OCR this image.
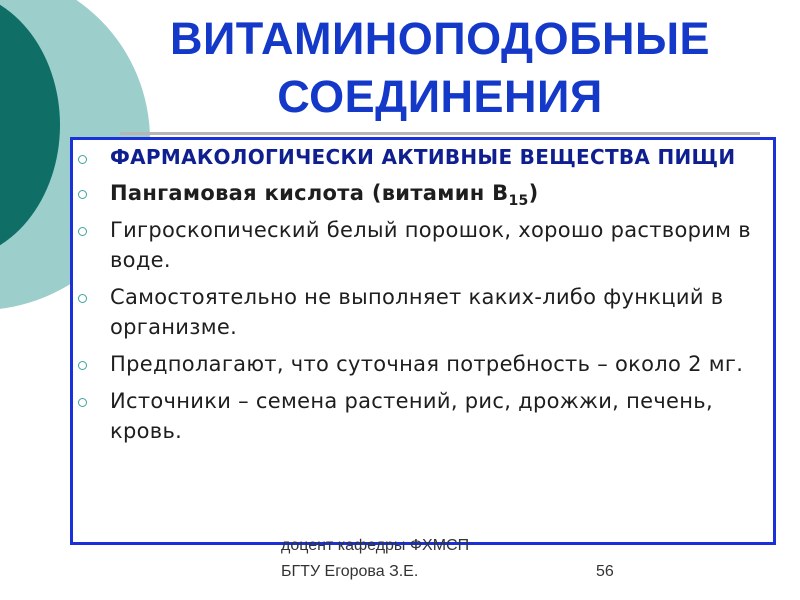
ВИТАМИНОПОДОБНЫЕ
СОЕДИНЕНИЯ
ФАРМАКОЛОГИЧЕСКИ АКТИВНЫЕ ВЕЩЕСТВА ПИЩИ
Пангамовая кислота (витамин $B_{15}$)
Гигроскопический белый порошок, хорошо растворим в воде.
Самостоятельно не выполняет каких-либо функций в организме.
Предполагают, что суточная потребность – около 2 мг.
Источники – семена растений, рис, дрожжи, печень, кровь.
доцент кафедры ФХМСП
БГТУ Егорова З.Е.	56
